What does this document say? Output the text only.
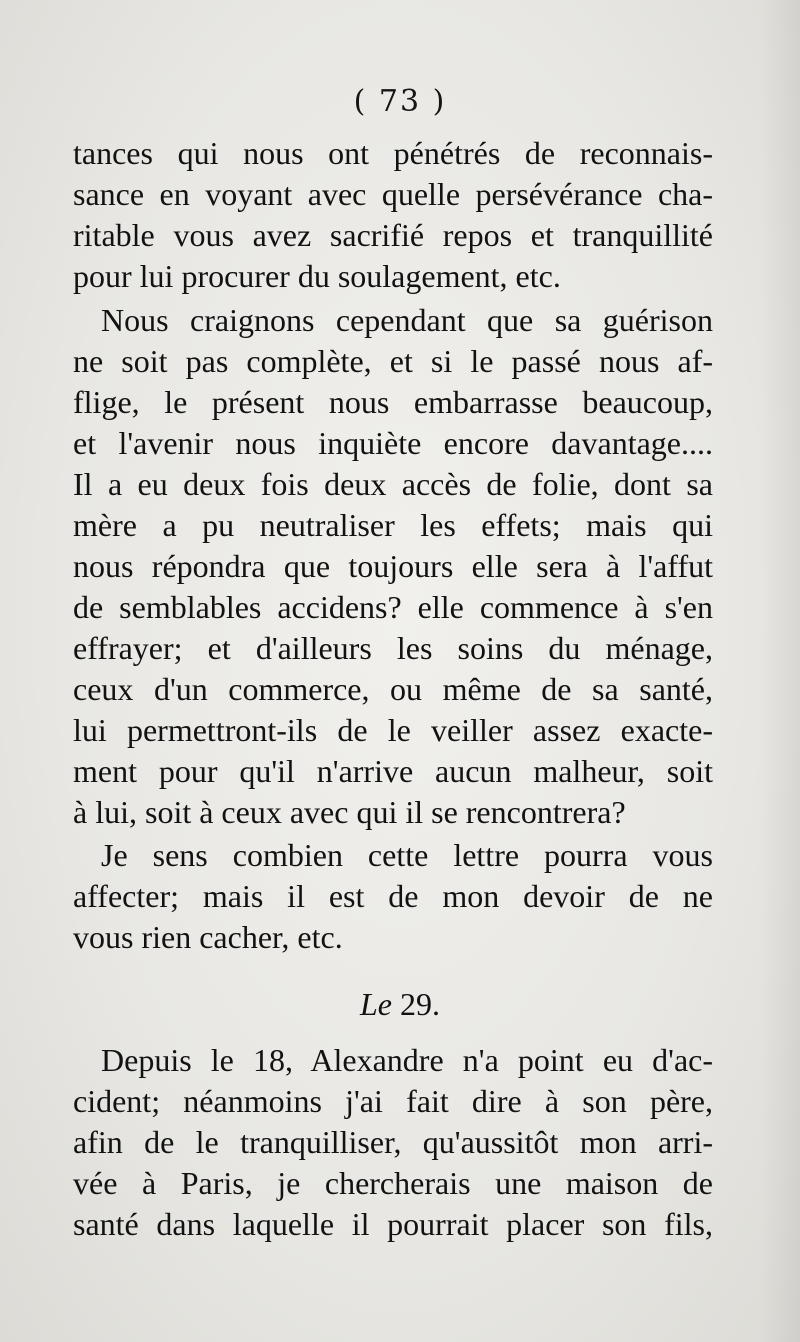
( 73 )
tances qui nous ont pénétrés de reconnais-
sance en voyant avec quelle persévérance cha-
ritable vous avez sacrifié repos et tranquillité
pour lui procurer du soulagement, etc.
Nous craignons cependant que sa guérison
ne soit pas complète, et si le passé nous af-
flige, le présent nous embarrasse beaucoup,
et l'avenir nous inquiète encore davantage....
Il a eu deux fois deux accès de folie, dont sa
mère a pu neutraliser les effets; mais qui
nous répondra que toujours elle sera à l'affut
de semblables accidens? elle commence à s'en
effrayer; et d'ailleurs les soins du ménage,
ceux d'un commerce, ou même de sa santé,
lui permettront-ils de le veiller assez exacte-
ment pour qu'il n'arrive aucun malheur, soit
à lui, soit à ceux avec qui il se rencontrera?
Je sens combien cette lettre pourra vous
affecter; mais il est de mon devoir de ne
vous rien cacher, etc.
Le 29.
Depuis le 18, Alexandre n'a point eu d'ac-
cident; néanmoins j'ai fait dire à son père,
afin de le tranquilliser, qu'aussitôt mon arri-
vée à Paris, je chercherais une maison de
santé dans laquelle il pourrait placer son fils,
